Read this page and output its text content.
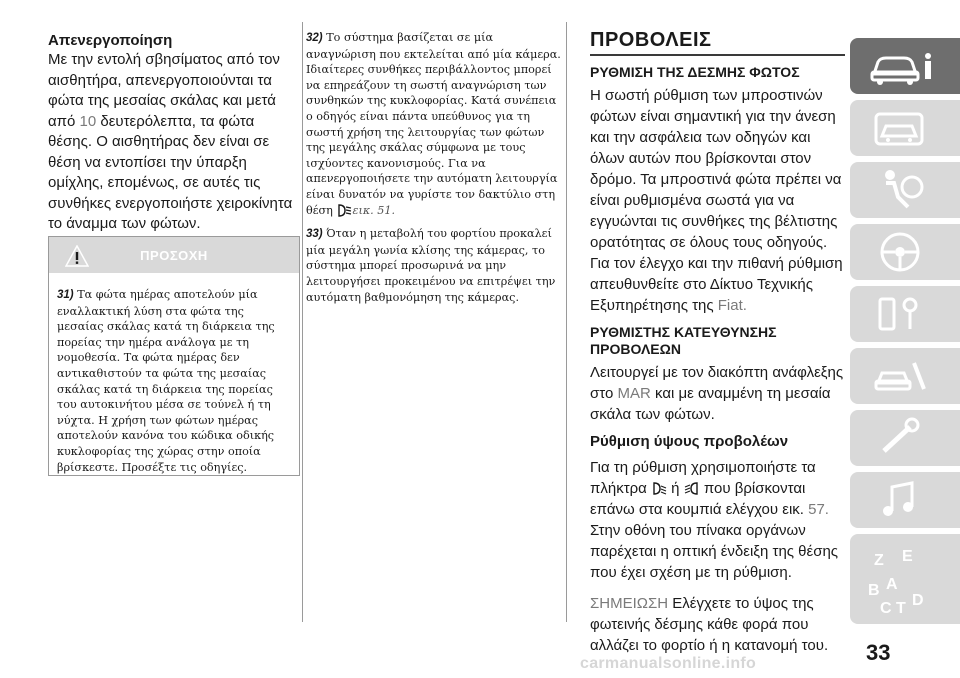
Απενεργοποίηση

Με την εντολή σβησίματος από τον αισθητήρα, απενεργοποιούνται τα φώτα της μεσαίας σκάλας και μετά από 10 δευτερόλεπτα, τα φώτα θέσης. Ο αισθητήρας δεν είναι σε θέση να εντοπίσει την ύπαρξη ομίχλης, επομένως, σε αυτές τις συνθήκες ενεργοποιήστε χειροκίνητα το άναμμα των φώτων.

ΠΡΟΣΟΧΗ
31) Τα φώτα ημέρας αποτελούν μία εναλλακτική λύση στα φώτα της μεσαίας σκάλας κατά τη διάρκεια της πορείας την ημέρα ανάλογα με τη νομοθεσία. Τα φώτα ημέρας δεν αντικαθιστούν τα φώτα της μεσαίας σκάλας κατά τη διάρκεια της πορείας του αυτοκινήτου μέσα σε τούνελ ή τη νύχτα. Η χρήση των φώτων ημέρας αποτελούν κανόνα του κώδικα οδικής κυκλοφορίας της χώρας στην οποία βρίσκεστε. Προσέξτε τις οδηγίες.
32) Το σύστημα βασίζεται σε μία αναγνώριση που εκτελείται από μία κάμερα. Ιδιαίτερες συνθήκες περιβάλλοντος μπορεί να επηρεάζουν τη σωστή αναγνώριση των συνθηκών της κυκλοφορίας. Κατά συνέπεια ο οδηγός είναι πάντα υπεύθυνος για τη σωστή χρήση της λειτουργίας των φώτων της μεγάλης σκάλας σύμφωνα με τους ισχύοντες κανονισμούς. Για να απενεργοποιήσετε την αυτόματη λειτουργία είναι δυνατόν να γυρίστε τον δακτύλιο στη θέση εικ. 51.
33) Όταν η μεταβολή του φορτίου προκαλεί μία μεγάλη γωνία κλίσης της κάμερας, το σύστημα μπορεί προσωρινά να μην λειτουργήσει προκειμένου να επιτρέψει την αυτόματη βαθμονόμηση της κάμερας.
ΠΡΟΒΟΛΕΙΣ
ΡΥΘΜΙΣΗ ΤΗΣ ΔΕΣΜΗΣ ΦΩΤΟΣ

Η σωστή ρύθμιση των μπροστινών φώτων είναι σημαντική για την άνεση και την ασφάλεια των οδηγών και όλων αυτών που βρίσκονται στον δρόμο. Τα μπροστινά φώτα πρέπει να είναι ρυθμισμένα σωστά για να εγγυώνται τις συνθήκες της βέλτιστης ορατότητας σε όλους τους οδηγούς. Για τον έλεγχο και την πιθανή ρύθμιση απευθυνθείτε στο Δίκτυο Τεχνικής Εξυπηρέτησης της Fiat.

ΡΥΘΜΙΣΤΗΣ ΚΑΤΕΥΘΥΝΣΗΣ ΠΡΟΒΟΛΕΩΝ

Λειτουργεί με τον διακόπτη ανάφλεξης στο MAR και με αναμμένη τη μεσαία σκάλα των φώτων.

Ρύθμιση ύψους προβολέων

Για τη ρύθμιση χρησιμοποιήστε τα πλήκτρα  ή  που βρίσκονται επάνω στα κουμπιά ελέγχου εικ. 57. Στην οθόνη του πίνακα οργάνων παρέχεται η οπτική ένδειξη της θέσης που έχει σχέση με τη ρύθμιση.

ΣΗΜΕΙΩΣΗ Ελέγχετε το ύψος της φωτεινής δέσμης κάθε φορά που αλλάζει το φορτίο ή η κατανομή του.

Z E
B A
C T D
33
carmanualsonline.info
